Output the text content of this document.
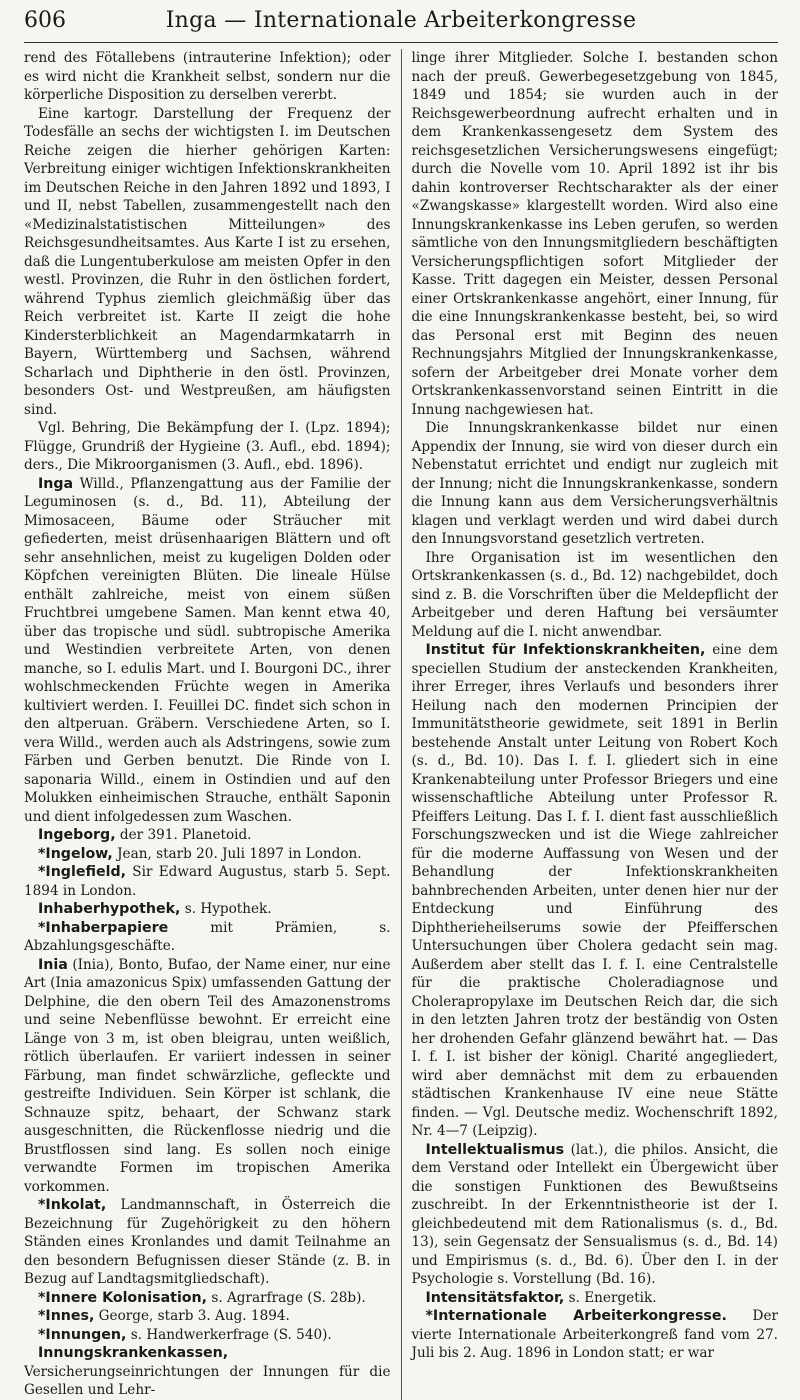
606	Inga — Internationale Arbeiterkongresse

rend des Fötallebens (intrauterine Infektion); oder es wird nicht die Krankheit selbst, sondern nur die körperliche Disposition zu derselben vererbt.

Eine kartogr. Darstellung der Frequenz der Todesfälle an sechs der wichtigsten I. im Deutschen Reiche zeigen die hierher gehörigen Karten: Verbreitung einiger wichtigen Infektionskrankheiten im Deutschen Reiche in den Jahren 1892 und 1893, I und II, nebst Tabellen, zusammengestellt nach den «Medizinalstatistischen Mitteilungen» des Reichsgesundheitsamtes. Aus Karte I ist zu ersehen, daß die Lungentuberkulose am meisten Opfer in den westl. Provinzen, die Ruhr in den östlichen fordert, während Typhus ziemlich gleichmäßig über das Reich verbreitet ist. Karte II zeigt die hohe Kindersterblichkeit an Magendarmkatarrh in Bayern, Württemberg und Sachsen, während Scharlach und Diphtherie in den östl. Provinzen, besonders Ost- und Westpreußen, am häufigsten sind.

Vgl. Behring, Die Bekämpfung der I. (Lpz. 1894); Flügge, Grundriß der Hygieine (3. Aufl., ebd. 1894); ders., Die Mikroorganismen (3. Aufl., ebd. 1896).

Inga Willd., Pflanzengattung aus der Familie der Leguminosen (s. d., Bd. 11), Abteilung der Mimosaceen, Bäume oder Sträucher mit gefiederten, meist drüsenhaarigen Blättern und oft sehr ansehnlichen, meist zu kugeligen Dolden oder Köpfchen vereinigten Blüten. Die lineale Hülse enthält zahlreiche, meist von einem süßen Fruchtbrei umgebene Samen. Man kennt etwa 40, über das tropische und südl. subtropische Amerika und Westindien verbreitete Arten, von denen manche, so I. edulis Mart. und I. Bourgoni DC., ihrer wohlschmeckenden Früchte wegen in Amerika kultiviert werden. I. Feuillei DC. findet sich schon in den altperuan. Gräbern. Verschiedene Arten, so I. vera Willd., werden auch als Adstringens, sowie zum Färben und Gerben benutzt. Die Rinde von I. saponaria Willd., einem in Ostindien und auf den Molukken einheimischen Strauche, enthält Saponin und dient infolgedessen zum Waschen.

Ingeborg, der 391. Planetoid.

*Ingelow, Jean, starb 20. Juli 1897 in London.

*Inglefield, Sir Edward Augustus, starb 5. Sept. 1894 in London.

Inhaberhypothek, s. Hypothek.

*Inhaberpapiere mit Prämien, s. Abzahlungsgeschäfte.

Inia (Inia), Bonto, Bufao, der Name einer, nur eine Art (Inia amazonicus Spix) umfassenden Gattung der Delphine, die den obern Teil des Amazonenstroms und seine Nebenflüsse bewohnt. Er erreicht eine Länge von 3 m, ist oben bleigrau, unten weißlich, rötlich überlaufen. Er variiert indessen in seiner Färbung, man findet schwärzliche, gefleckte und gestreifte Individuen. Sein Körper ist schlank, die Schnauze spitz, behaart, der Schwanz stark ausgeschnitten, die Rückenflosse niedrig und die Brustflossen sind lang. Es sollen noch einige verwandte Formen im tropischen Amerika vorkommen.

*Inkolat, Landmannschaft, in Österreich die Bezeichnung für Zugehörigkeit zu den höhern Ständen eines Kronlandes und damit Teilnahme an den besondern Befugnissen dieser Stände (z. B. in Bezug auf Landtagsmitgliedschaft).

*Innere Kolonisation, s. Agrarfrage (S. 28b).

*Innes, George, starb 3. Aug. 1894.

*Innungen, s. Handwerkerfrage (S. 540).

Innungskrankenkassen, Versicherungseinrichtungen der Innungen für die Gesellen und Lehr-

linge ihrer Mitglieder. Solche I. bestanden schon nach der preuß. Gewerbegesetzgebung von 1845, 1849 und 1854; sie wurden auch in der Reichsgewerbeordnung aufrecht erhalten und in dem Krankenkassengesetz dem System des reichsgesetzlichen Versicherungswesens eingefügt; durch die Novelle vom 10. April 1892 ist ihr bis dahin kontroverser Rechtscharakter als der einer «Zwangskasse» klargestellt worden. Wird also eine Innungskrankenkasse ins Leben gerufen, so werden sämtliche von den Innungsmitgliedern beschäftigten Versicherungspflichtigen sofort Mitglieder der Kasse. Tritt dagegen ein Meister, dessen Personal einer Ortskrankenkasse angehört, einer Innung, für die eine Innungskrankenkasse besteht, bei, so wird das Personal erst mit Beginn des neuen Rechnungsjahrs Mitglied der Innungskrankenkasse, sofern der Arbeitgeber drei Monate vorher dem Ortskrankenkassenvorstand seinen Eintritt in die Innung nachgewiesen hat.

Die Innungskrankenkasse bildet nur einen Appendix der Innung, sie wird von dieser durch ein Nebenstatut errichtet und endigt nur zugleich mit der Innung; nicht die Innungskrankenkasse, sondern die Innung kann aus dem Versicherungsverhältnis klagen und verklagt werden und wird dabei durch den Innungsvorstand gesetzlich vertreten.

Ihre Organisation ist im wesentlichen den Ortskrankenkassen (s. d., Bd. 12) nachgebildet, doch sind z. B. die Vorschriften über die Meldepflicht der Arbeitgeber und deren Haftung bei versäumter Meldung auf die I. nicht anwendbar.

Institut für Infektionskrankheiten, eine dem speciellen Studium der ansteckenden Krankheiten, ihrer Erreger, ihres Verlaufs und besonders ihrer Heilung nach den modernen Principien der Immunitätstheorie gewidmete, seit 1891 in Berlin bestehende Anstalt unter Leitung von Robert Koch (s. d., Bd. 10). Das I. f. I. gliedert sich in eine Krankenabteilung unter Professor Briegers und eine wissenschaftliche Abteilung unter Professor R. Pfeiffers Leitung. Das I. f. I. dient fast ausschließlich Forschungszwecken und ist die Wiege zahlreicher für die moderne Auffassung von Wesen und der Behandlung der Infektionskrankheiten bahnbrechenden Arbeiten, unter denen hier nur der Entdeckung und Einführung des Diphtherieheilserums sowie der Pfeifferschen Untersuchungen über Cholera gedacht sein mag. Außerdem aber stellt das I. f. I. eine Centralstelle für die praktische Choleradiagnose und Cholerapropylaxe im Deutschen Reich dar, die sich in den letzten Jahren trotz der beständig von Osten her drohenden Gefahr glänzend bewährt hat. — Das I. f. I. ist bisher der königl. Charité angegliedert, wird aber demnächst mit dem zu erbauenden städtischen Krankenhause IV eine neue Stätte finden. — Vgl. Deutsche mediz. Wochenschrift 1892, Nr. 4—7 (Leipzig).

Intellektualismus (lat.), die philos. Ansicht, die dem Verstand oder Intellekt ein Übergewicht über die sonstigen Funktionen des Bewußtseins zuschreibt. In der Erkenntnistheorie ist der I. gleichbedeutend mit dem Rationalismus (s. d., Bd. 13), sein Gegensatz der Sensualismus (s. d., Bd. 14) und Empirismus (s. d., Bd. 6). Über den I. in der Psychologie s. Vorstellung (Bd. 16).

Intensitätsfaktor, s. Energetik.

*Internationale Arbeiterkongresse. Der vierte Internationale Arbeiterkongreß fand vom 27. Juli bis 2. Aug. 1896 in London statt; er war
